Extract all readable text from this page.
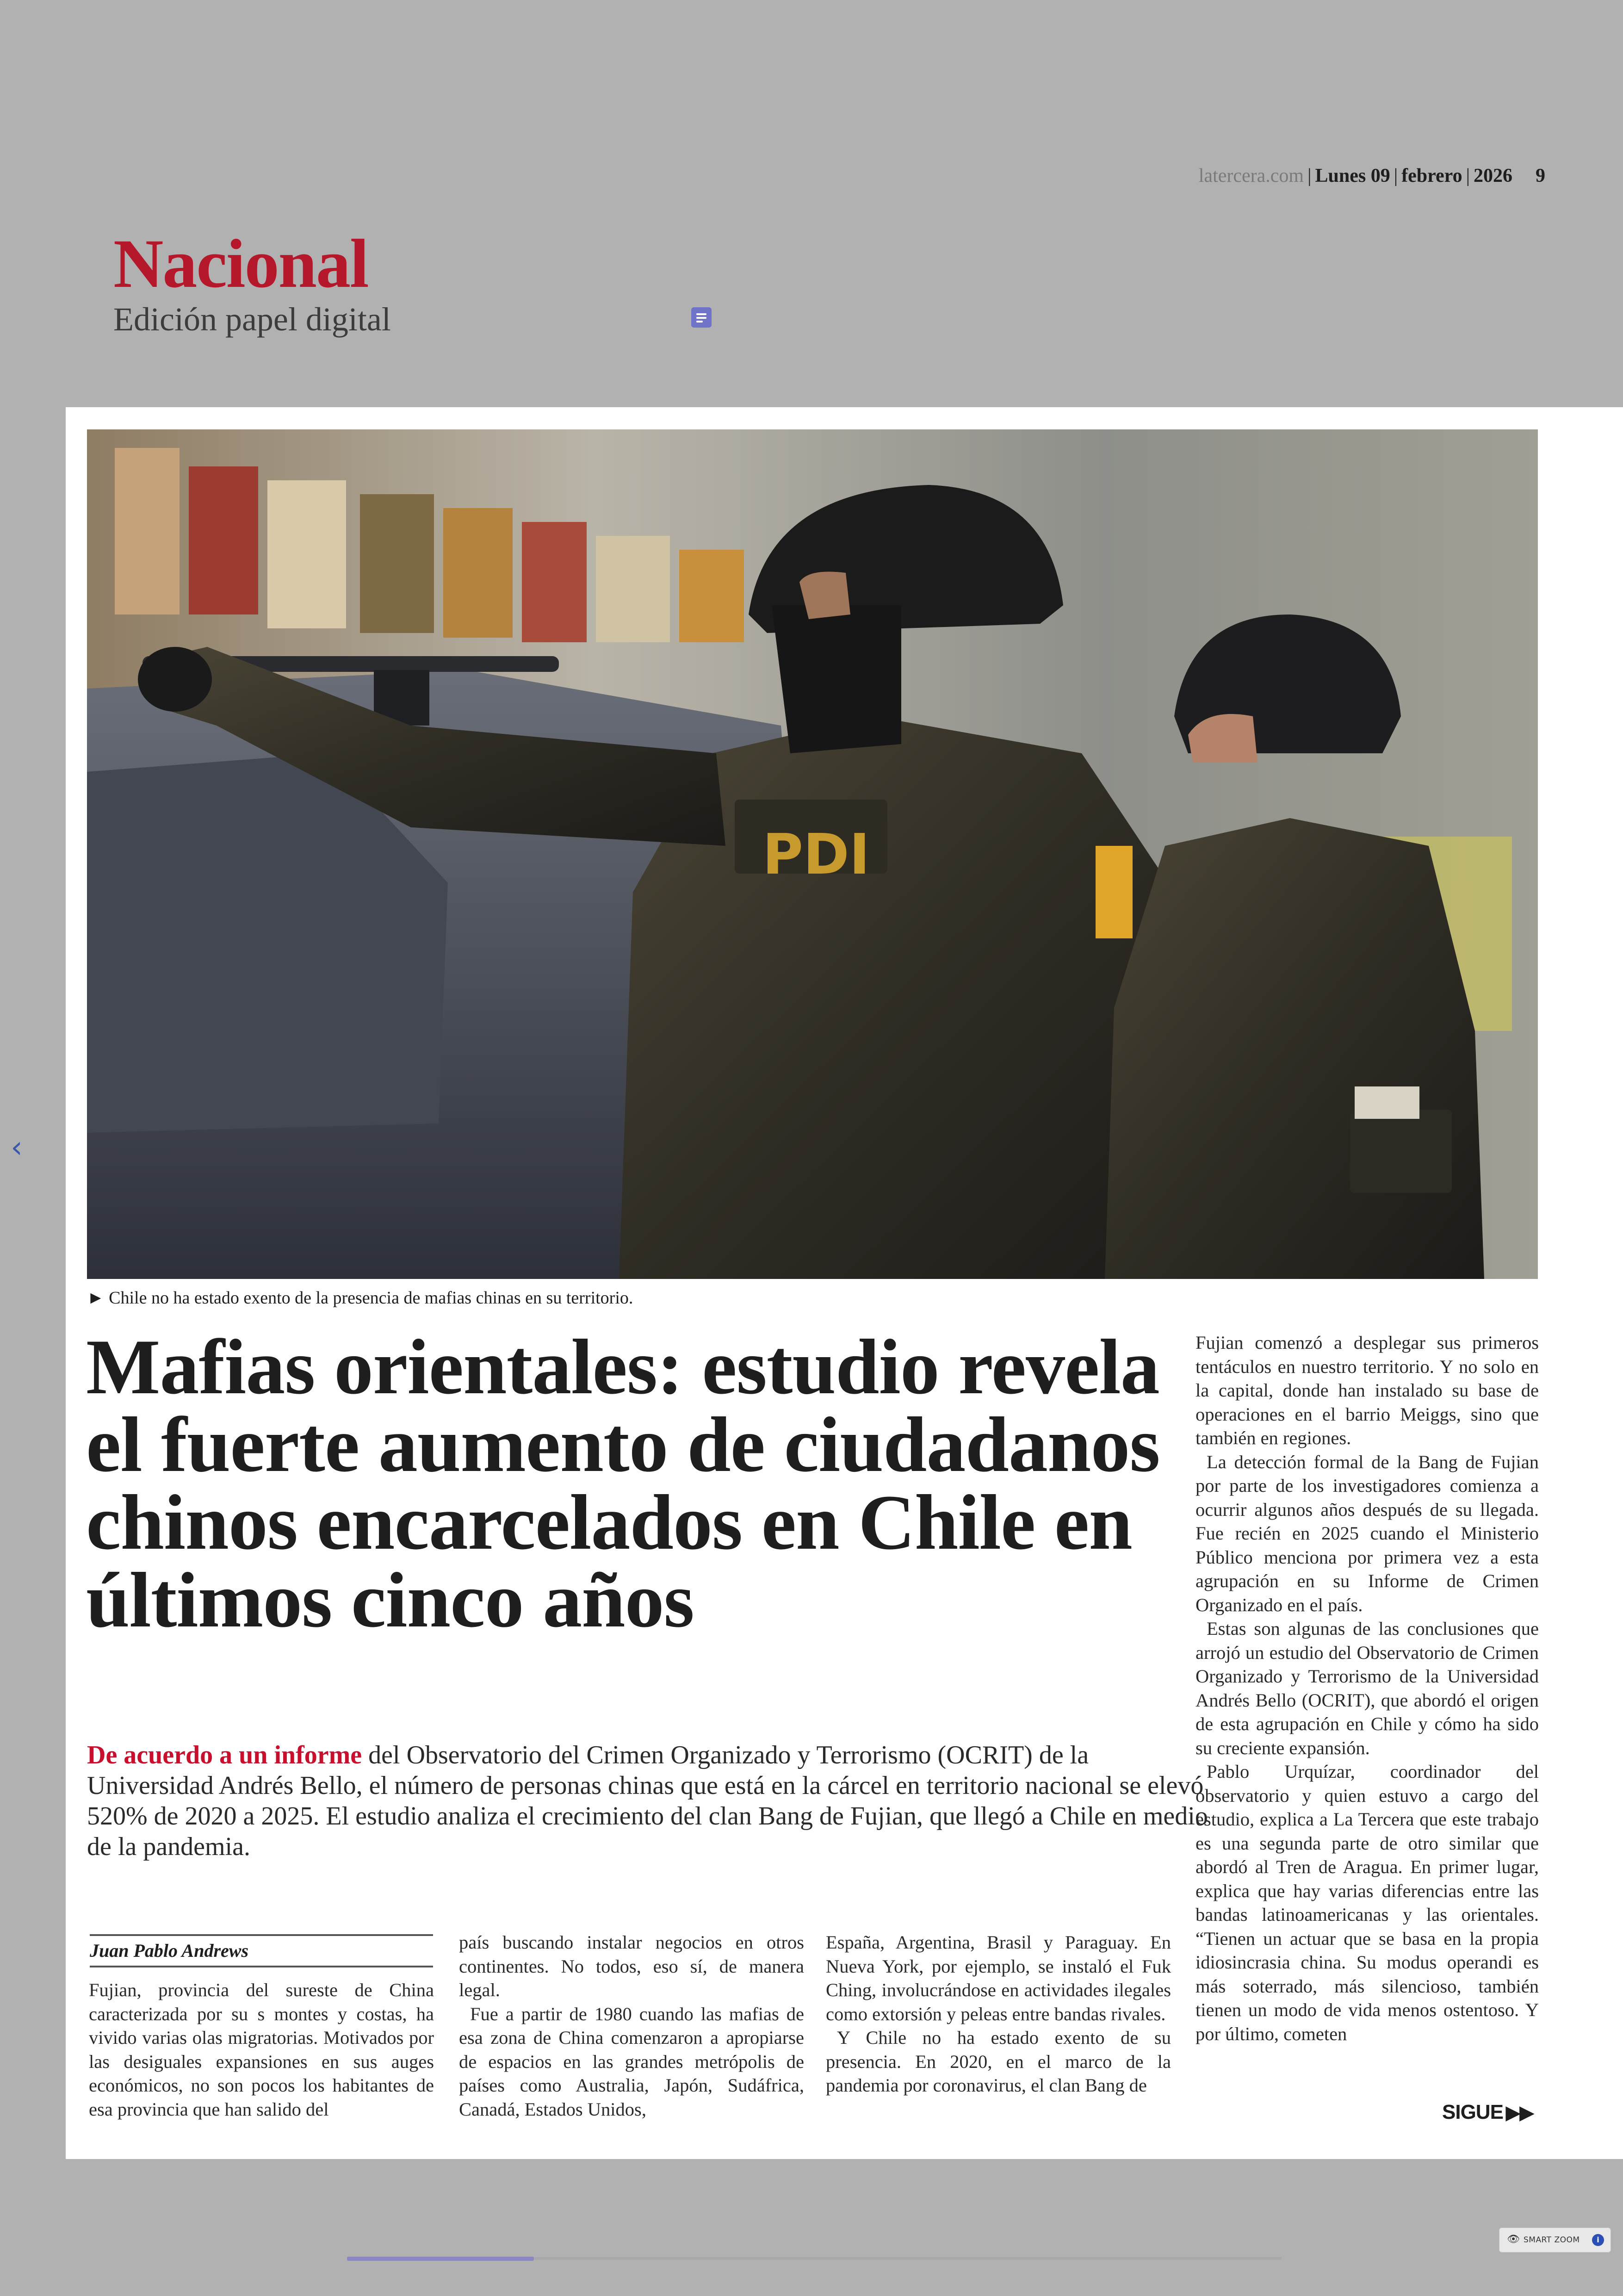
latercera.com | Lunes 09 | febrero | 2026 9
Nacional
Edición papel digital
‹
PDI
► Chile no ha estado exento de la presencia de mafias chinas en su territorio.
Mafias orientales: estudio revela el fuerte aumento de ciudadanos chinos encarcelados en Chile en últimos cinco años
De acuerdo a un informe del Observatorio del Crimen Organizado y Terrorismo (OCRIT) de la Universidad Andrés Bello, el número de personas chinas que está en la cárcel en territorio nacional se elevó 520% de 2020 a 2025. El estudio analiza el crecimiento del clan Bang de Fujian, que llegó a Chile en medio de la pandemia.
Juan Pablo Andrews

Fujian, provincia del sureste de China caracterizada por su s montes y costas, ha vivido varias olas migratorias. Motivados por las desiguales expansiones en sus auges económicos, no son pocos los habitantes de esa provincia que han salido del

país buscando instalar negocios en otros continentes. No todos, eso sí, de manera legal.

Fue a partir de 1980 cuando las mafias de esa zona de China comenzaron a apropiarse de espacios en las grandes metrópolis de países como Australia, Japón, Sudáfrica, Canadá, Estados Unidos,

España, Argentina, Brasil y Paraguay. En Nueva York, por ejemplo, se instaló el Fuk Ching, involucrándose en actividades ilegales como extorsión y peleas entre bandas rivales.

Y Chile no ha estado exento de su presencia. En 2020, en el marco de la pandemia por coronavirus, el clan Bang de

Fujian comenzó a desplegar sus primeros tentáculos en nuestro territorio. Y no solo en la capital, donde han instalado su base de operaciones en el barrio Meiggs, sino que también en regiones.

La detección formal de la Bang de Fujian por parte de los investigadores comienza a ocurrir algunos años después de su llegada. Fue recién en 2025 cuando el Ministerio Público menciona por primera vez a esta agrupación en su Informe de Crimen Organizado en el país.

Estas son algunas de las conclusiones que arrojó un estudio del Observatorio de Crimen Organizado y Terrorismo de la Universidad Andrés Bello (OCRIT), que abordó el origen de esta agrupación en Chile y cómo ha sido su creciente expansión.

Pablo Urquízar, coordinador del observatorio y quien estuvo a cargo del estudio, explica a La Tercera que este trabajo es una segunda parte de otro similar que abordó al Tren de Aragua. En primer lugar, explica que hay varias diferencias entre las bandas latinoamericanas y las orientales. “Tienen un actuar que se basa en la propia idiosincrasia china. Su modus operandi es más soterrado, más silencioso, también tienen un modo de vida menos ostentoso. Y por último, cometen

SIGUE ▶▶
👁 SMART ZOOM	i
